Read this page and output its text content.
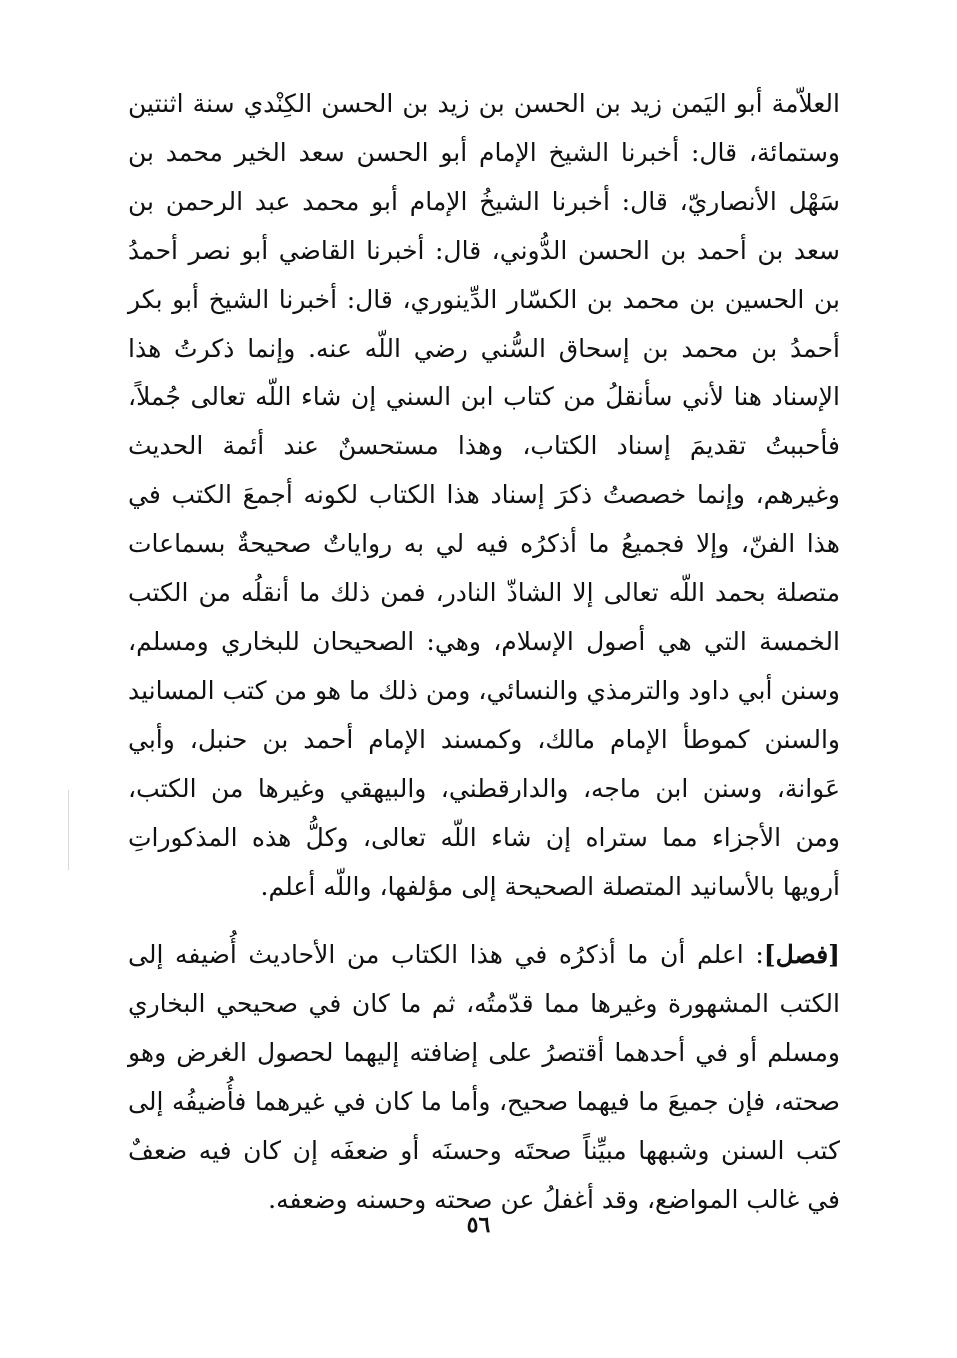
العلاّمة أبو اليَمن زيد بن الحسن بن زيد بن الحسن الكِنْدي سنة اثنتين وستمائة، قال: أخبرنا الشيخ الإمام أبو الحسن سعد الخير محمد بن سَهْل الأنصاريّ، قال: أخبرنا الشيخُ الإمام أبو محمد عبد الرحمن بن سعد بن أحمد بن الحسن الدُّوني، قال: أخبرنا القاضي أبو نصر أحمدُ بن الحسين بن محمد بن الكسّار الدِّينوري، قال: أخبرنا الشيخ أبو بكر أحمدُ بن محمد بن إسحاق السُّني رضي اللّه عنه. وإنما ذكرتُ هذا الإسناد هنا لأني سأنقلُ من كتاب ابن السني إن شاء اللّه تعالى جُملاً، فأحببتُ تقديمَ إسناد الكتاب، وهذا مستحسنٌ عند أئمة الحديث وغيرهم، وإنما خصصتُ ذكرَ إسناد هذا الكتاب لكونه أجمعَ الكتب في هذا الفنّ، وإلا فجميعُ ما أذكرُه فيه لي به رواياتٌ صحيحةٌ بسماعات متصلة بحمد اللّه تعالى إلا الشاذّ النادر، فمن ذلك ما أنقلُه من الكتب الخمسة التي هي أصول الإسلام، وهي: الصحيحان للبخاري ومسلم، وسنن أبي داود والترمذي والنسائي، ومن ذلك ما هو من كتب المسانيد والسنن كموطأ الإمام مالك، وكمسند الإمام أحمد بن حنبل، وأبي عَوانة، وسنن ابن ماجه، والدارقطني، والبيهقي وغيرها من الكتب، ومن الأجزاء مما ستراه إن شاء اللّه تعالى، وكلُّ هذه المذكوراتِ أرويها بالأسانيد المتصلة الصحيحة إلى مؤلفها، واللّه أعلم.

[فصل]: اعلم أن ما أذكرُه في هذا الكتاب من الأحاديث أُضيفه إلى الكتب المشهورة وغيرها مما قدّمتُه، ثم ما كان في صحيحي البخاري ومسلم أو في أحدهما أقتصرُ على إضافته إليهما لحصول الغرض وهو صحته، فإن جميعَ ما فيهما صحيح، وأما ما كان في غيرهما فأُضيفُه إلى كتب السنن وشبهها مبيِّناً صحتَه وحسنَه أو ضعفَه إن كان فيه ضعفٌ في غالب المواضع، وقد أغفلُ عن صحته وحسنه وضعفه.

٥٦
